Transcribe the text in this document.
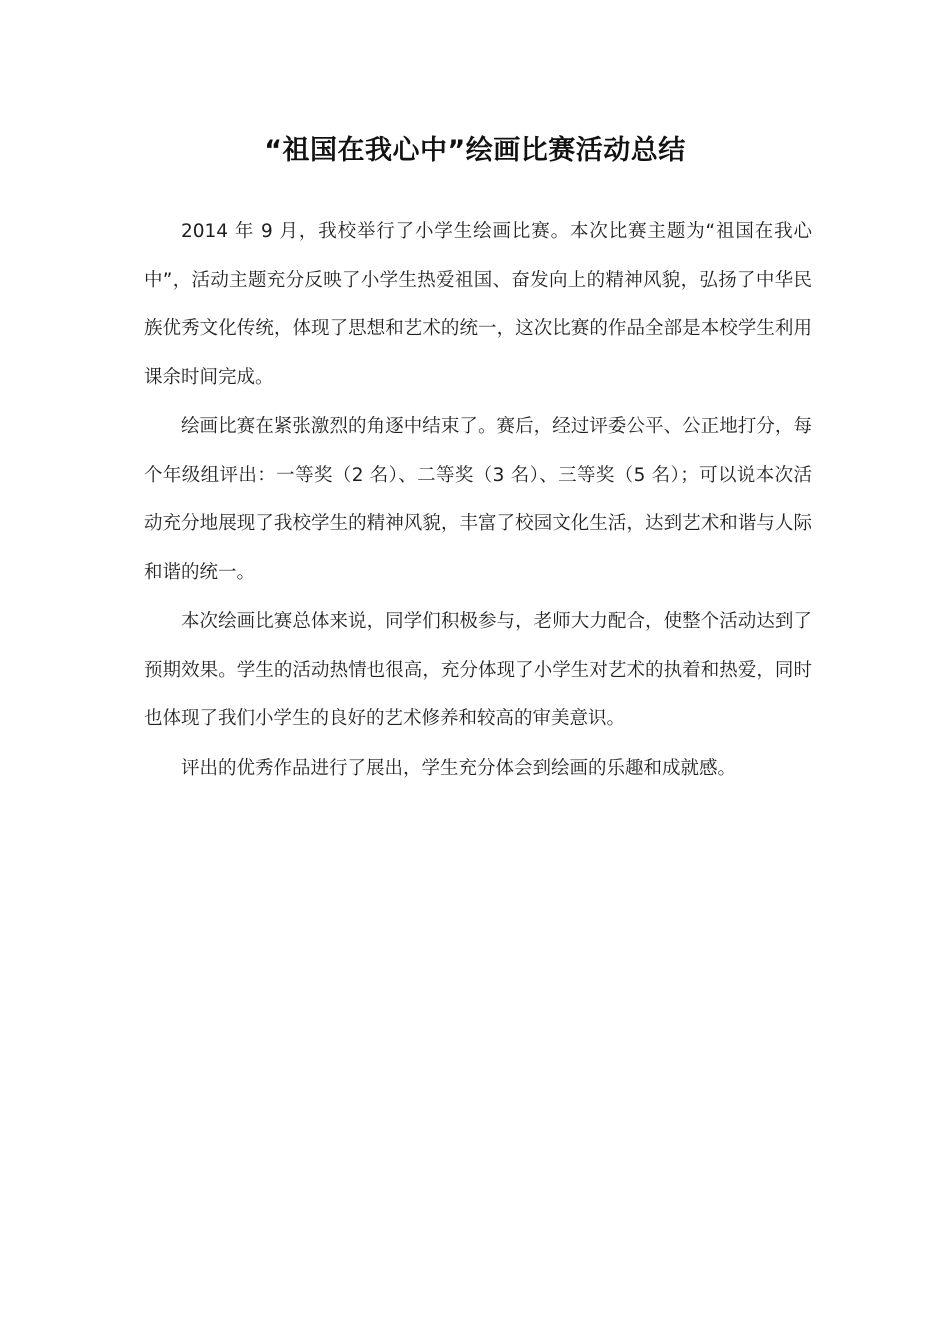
“祖国在我心中”绘画比赛活动总结

2014 年 9 月，我校举行了小学生绘画比赛。本次比赛主题为“祖国在我心中”，活动主题充分反映了小学生热爱祖国、奋发向上的精神风貌，弘扬了中华民族优秀文化传统，体现了思想和艺术的统一，这次比赛的作品全部是本校学生利用课余时间完成。

绘画比赛在紧张激烈的角逐中结束了。赛后，经过评委公平、公正地打分，每个年级组评出：一等奖（2 名）、二等奖（3 名）、三等奖（5 名）；可以说本次活动充分地展现了我校学生的精神风貌，丰富了校园文化生活，达到艺术和谐与人际和谐的统一。

本次绘画比赛总体来说，同学们积极参与，老师大力配合，使整个活动达到了预期效果。学生的活动热情也很高，充分体现了小学生对艺术的执着和热爱，同时也体现了我们小学生的良好的艺术修养和较高的审美意识。

评出的优秀作品进行了展出，学生充分体会到绘画的乐趣和成就感。
